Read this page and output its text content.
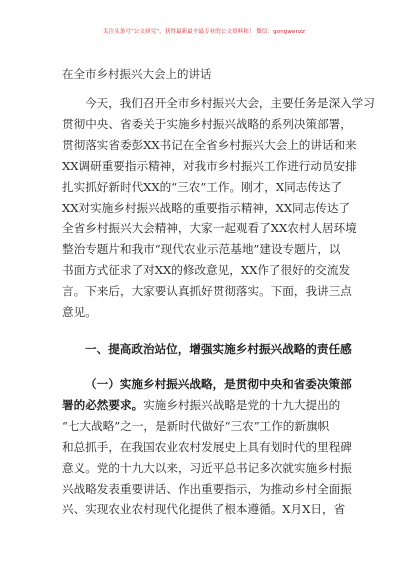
关注头条号“公文研究”，获得最新最全最专业的公文资料和！ 微信：gongwenzz
在全市乡村振兴大会上的讲话
今天，我们召开全市乡村振兴大会，主要任务是深入学习
贯彻中央、省委关于实施乡村振兴战略的系列决策部署，
贯彻落实省委彭XX书记在全省乡村振兴大会上的讲话和来
XX调研重要指示精神，对我市乡村振兴工作进行动员安排
扎实抓好新时代XX的“三农”工作。刚才，X同志传达了
XX对实施乡村振兴战略的重要指示精神，XX同志传达了
全省乡村振兴大会精神，大家一起观看了XX农村人居环境
整治专题片和我市“现代农业示范基地”建设专题片，以
书面方式征求了对XX的修改意见，XX作了很好的交流发
言。下来后，大家要认真抓好贯彻落实。下面，我讲三点
意见。
一、提高政治站位，增强实施乡村振兴战略的责任感
（一）实施乡村振兴战略，是贯彻中央和省委决策部
署的必然要求。实施乡村振兴战略是党的十九大提出的
“七大战略”之一，是新时代做好“三农”工作的新旗帜
和总抓手，在我国农业农村发展史上具有划时代的里程碑
意义。党的十九大以来，习近平总书记多次就实施乡村振
兴战略发表重要讲话、作出重要指示，为推动乡村全面振
兴、实现农业农村现代化提供了根本遵循。X月X日，省
